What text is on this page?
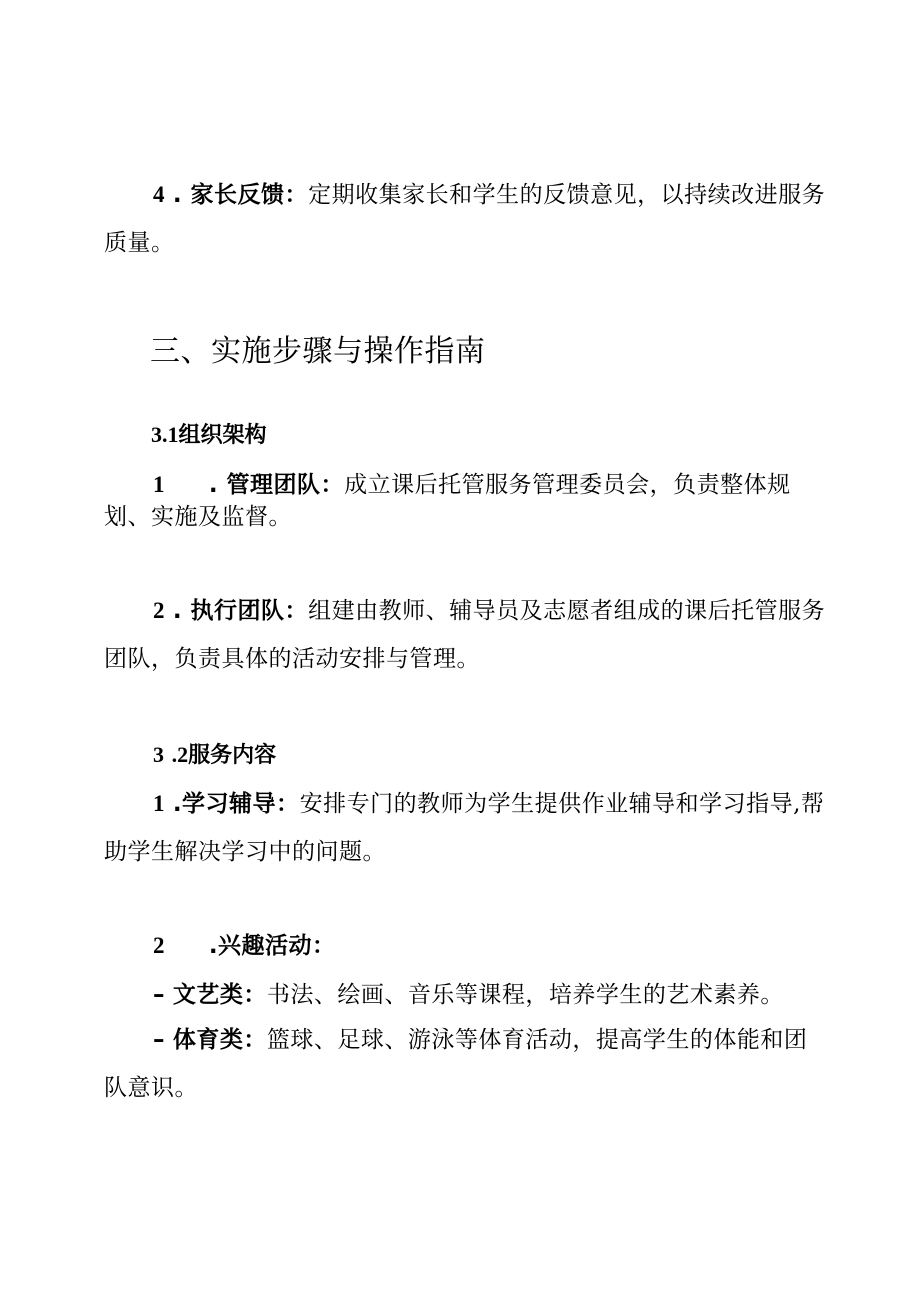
4 . 家长反馈：定期收集家长和学生的反馈意见，以持续改进服务
质量。
三、实施步骤与操作指南
3.1组织架构
1 . 管理团队：成立课后托管服务管理委员会，负责整体规
划、实施及监督。
2 . 执行团队：组建由教师、辅导员及志愿者组成的课后托管服务
团队，负责具体的活动安排与管理。
3 .2服务内容
1 .学习辅导：安排专门的教师为学生提供作业辅导和学习指导,帮
助学生解决学习中的问题。
2 .兴趣活动：
– 文艺类：书法、绘画、音乐等课程，培养学生的艺术素养。
– 体育类：篮球、足球、游泳等体育活动，提高学生的体能和团
队意识。
